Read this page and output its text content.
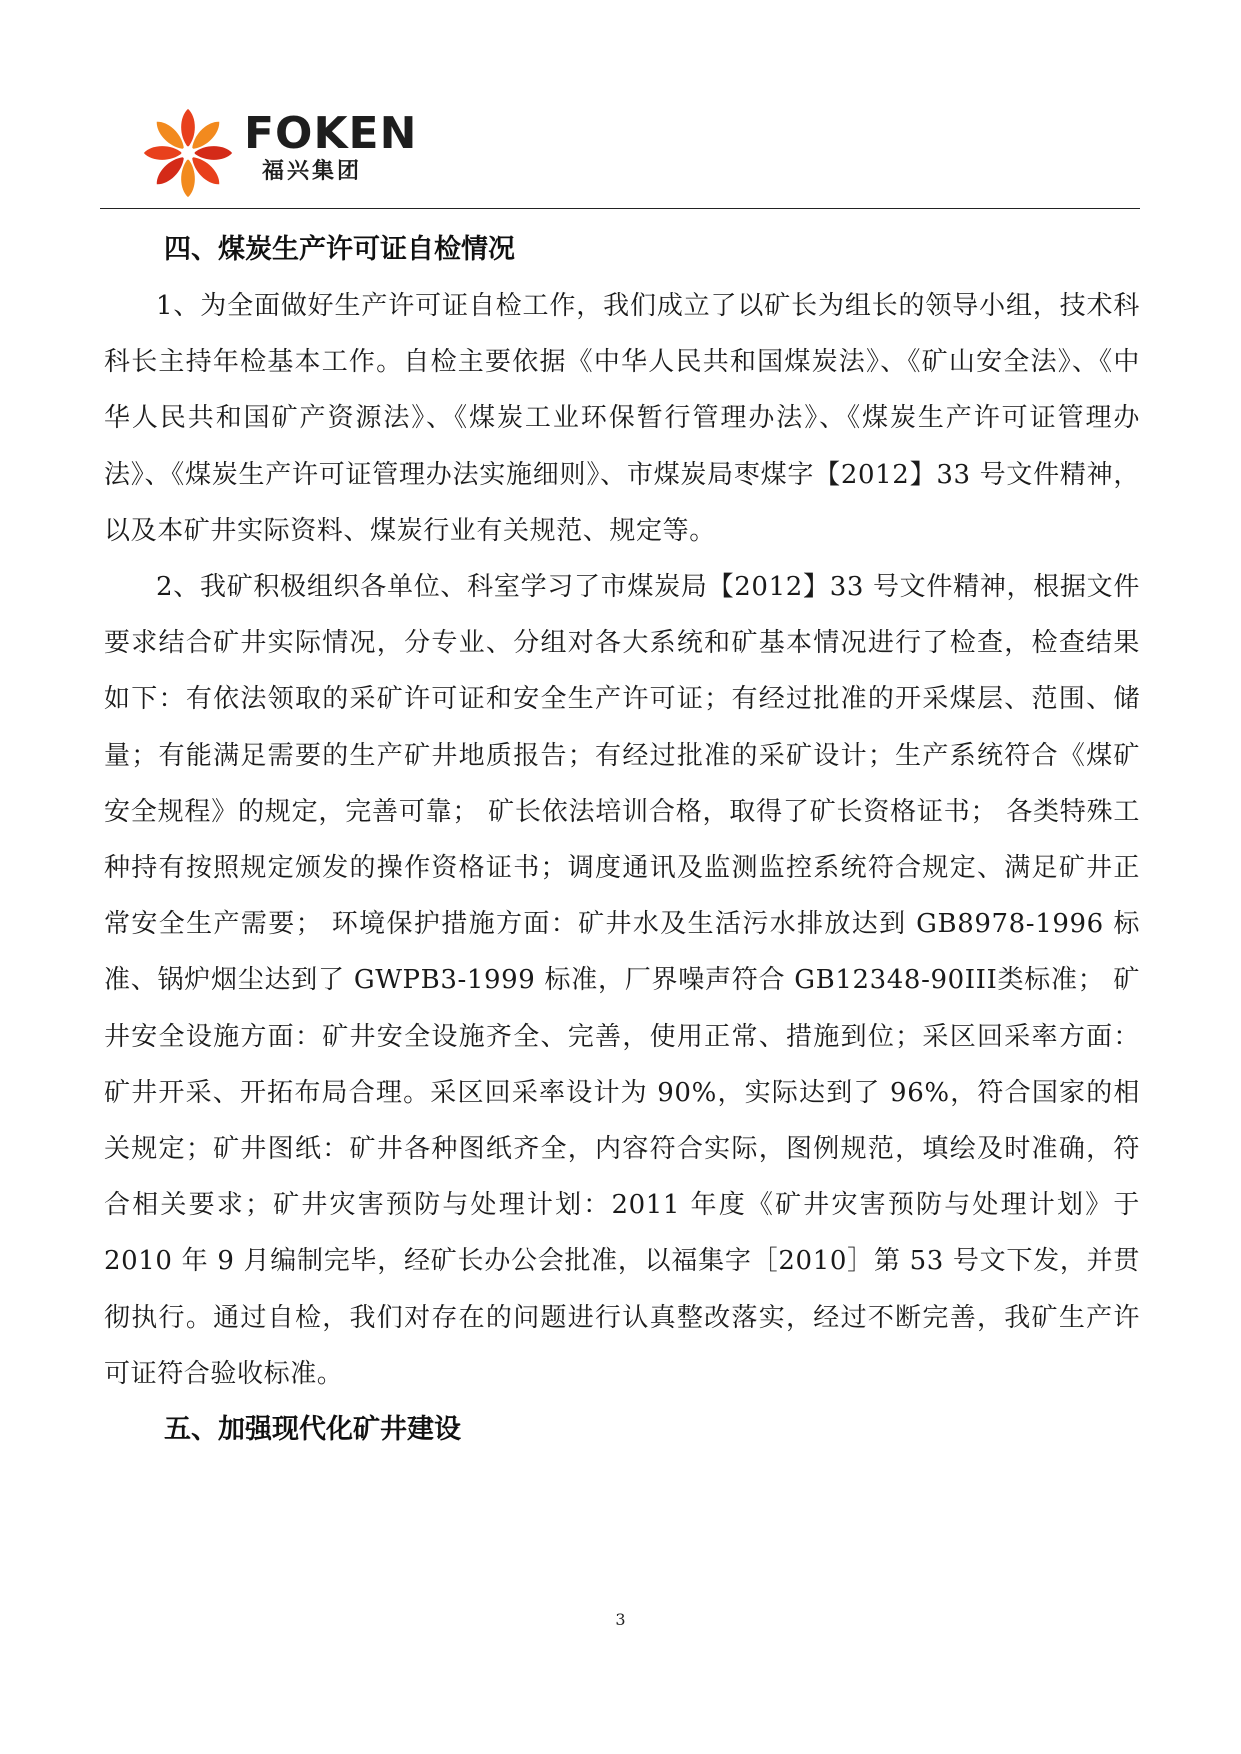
FOKEN
福兴集团

四、煤炭生产许可证自检情况

1、为全面做好生产许可证自检工作，我们成立了以矿长为组长的领导小组，技术科科长主持年检基本工作。自检主要依据《中华人民共和国煤炭法》、《矿山安全法》、《中华人民共和国矿产资源法》、《煤炭工业环保暂行管理办法》、《煤炭生产许可证管理办法》、《煤炭生产许可证管理办法实施细则》、市煤炭局枣煤字【2012】33 号文件精神，以及本矿井实际资料、煤炭行业有关规范、规定等。

2、我矿积极组织各单位、科室学习了市煤炭局【2012】33 号文件精神，根据文件要求结合矿井实际情况，分专业、分组对各大系统和矿基本情况进行了检查，检查结果如下：有依法领取的采矿许可证和安全生产许可证；有经过批准的开采煤层、范围、储量；有能满足需要的生产矿井地质报告；有经过批准的采矿设计；生产系统符合《煤矿安全规程》的规定，完善可靠； 矿长依法培训合格，取得了矿长资格证书； 各类特殊工种持有按照规定颁发的操作资格证书；调度通讯及监测监控系统符合规定、满足矿井正常安全生产需要； 环境保护措施方面：矿井水及生活污水排放达到 GB8978-1996 标准、锅炉烟尘达到了 GWPB3-1999 标准，厂界噪声符合 GB12348-90III类标准； 矿井安全设施方面：矿井安全设施齐全、完善，使用正常、措施到位；采区回采率方面：矿井开采、开拓布局合理。采区回采率设计为 90%，实际达到了 96%，符合国家的相关规定；矿井图纸：矿井各种图纸齐全，内容符合实际，图例规范，填绘及时准确，符合相关要求；矿井灾害预防与处理计划：2011 年度《矿井灾害预防与处理计划》于 2010 年 9 月编制完毕，经矿长办公会批准，以福集字［2010］第 53 号文下发，并贯彻执行。通过自检，我们对存在的问题进行认真整改落实，经过不断完善，我矿生产许可证符合验收标准。

五、加强现代化矿井建设

3
